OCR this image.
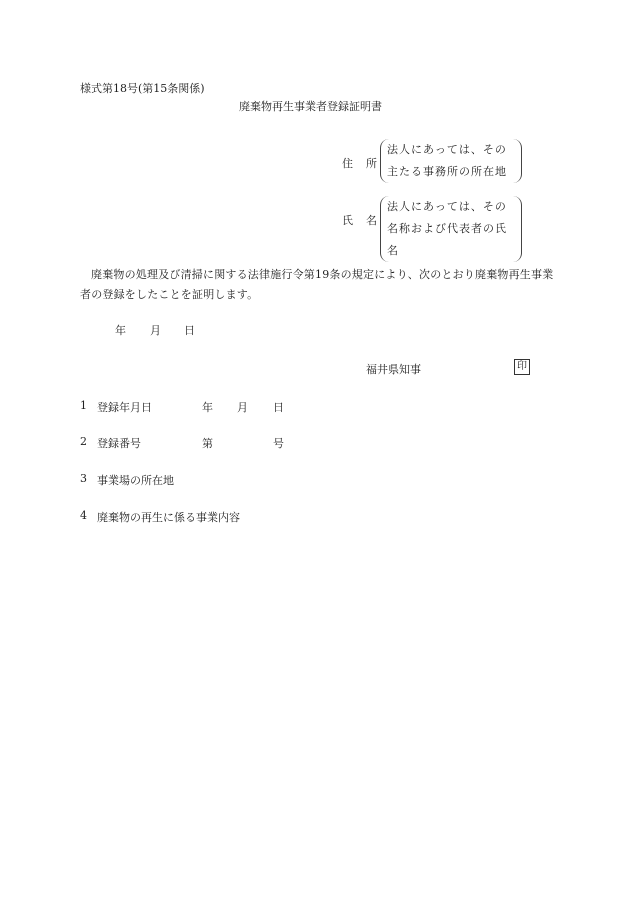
様式第18号(第15条関係)
廃棄物再生事業者登録証明書
住　所
法人にあっては、その
主たる事務所の所在地
氏　名
法人にあっては、その
名称および代表者の氏名
廃棄物の処理及び清掃に関する法律施行令第19条の規定により、次のとおり廃棄物再生事業者の登録をしたことを証明します。
年 月 日
福井県知事	印
1 登録年月日	年 月 日
2 登録番号	第	号
3 事業場の所在地
4 廃棄物の再生に係る事業内容
